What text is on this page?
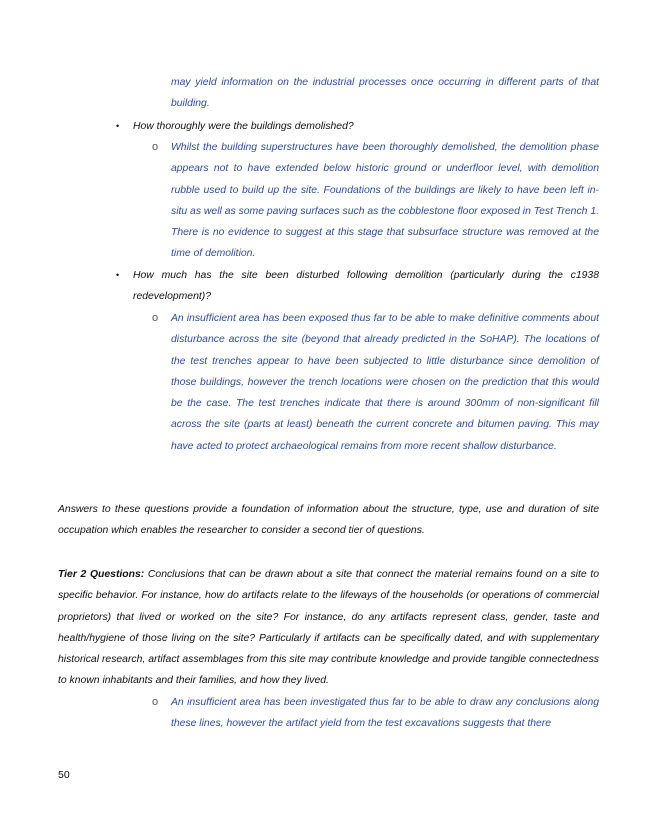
may yield information on the industrial processes once occurring in different parts of that building.
• How thoroughly were the buildings demolished?
o Whilst the building superstructures have been thoroughly demolished, the demolition phase appears not to have extended below historic ground or underfloor level, with demolition rubble used to build up the site. Foundations of the buildings are likely to have been left in-situ as well as some paving surfaces such as the cobblestone floor exposed in Test Trench 1. There is no evidence to suggest at this stage that subsurface structure was removed at the time of demolition.
• How much has the site been disturbed following demolition (particularly during the c1938 redevelopment)?
o An insufficient area has been exposed thus far to be able to make definitive comments about disturbance across the site (beyond that already predicted in the SoHAP). The locations of the test trenches appear to have been subjected to little disturbance since demolition of those buildings, however the trench locations were chosen on the prediction that this would be the case. The test trenches indicate that there is around 300mm of non-significant fill across the site (parts at least) beneath the current concrete and bitumen paving. This may have acted to protect archaeological remains from more recent shallow disturbance.
Answers to these questions provide a foundation of information about the structure, type, use and duration of site occupation which enables the researcher to consider a second tier of questions.
Tier 2 Questions: Conclusions that can be drawn about a site that connect the material remains found on a site to specific behavior. For instance, how do artifacts relate to the lifeways of the households (or operations of commercial proprietors) that lived or worked on the site? For instance, do any artifacts represent class, gender, taste and health/hygiene of those living on the site? Particularly if artifacts can be specifically dated, and with supplementary historical research, artifact assemblages from this site may contribute knowledge and provide tangible connectedness to known inhabitants and their families, and how they lived.
o An insufficient area has been investigated thus far to be able to draw any conclusions along these lines, however the artifact yield from the test excavations suggests that there
50
